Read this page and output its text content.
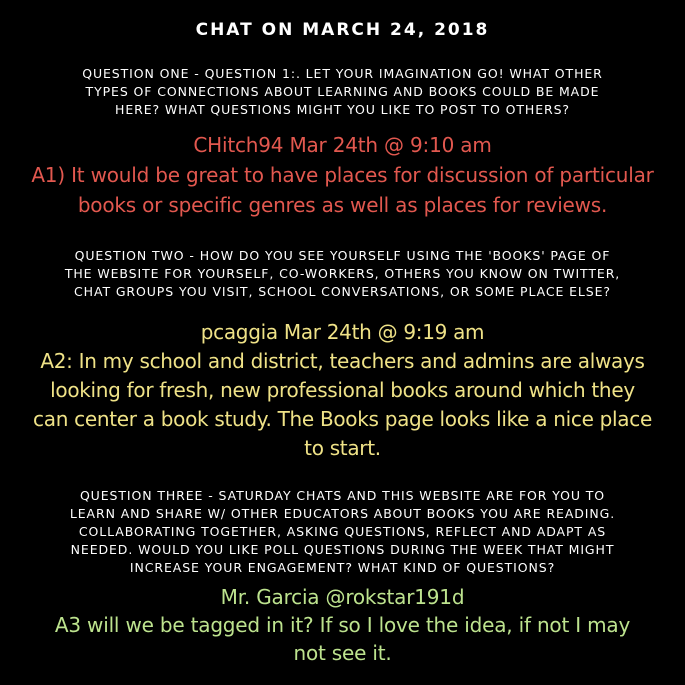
CHAT ON MARCH 24, 2018
QUESTION ONE - QUESTION 1:. LET YOUR IMAGINATION GO! WHAT OTHER
TYPES OF CONNECTIONS ABOUT LEARNING AND BOOKS COULD BE MADE
HERE? WHAT QUESTIONS MIGHT YOU LIKE TO POST TO OTHERS?
CHitch94 Mar 24th @ 9:10 am
A1) It would be great to have places for discussion of particular
books or specific genres as well as places for reviews.
QUESTION TWO - HOW DO YOU SEE YOURSELF USING THE 'BOOKS' PAGE OF
THE WEBSITE FOR YOURSELF, CO-WORKERS, OTHERS YOU KNOW ON TWITTER,
CHAT GROUPS YOU VISIT, SCHOOL CONVERSATIONS, OR SOME PLACE ELSE?
pcaggia Mar 24th @ 9:19 am
A2: In my school and district, teachers and admins are always
looking for fresh, new professional books around which they
can center a book study. The Books page looks like a nice place
to start.
QUESTION THREE - SATURDAY CHATS AND THIS WEBSITE ARE FOR YOU TO
LEARN AND SHARE W/ OTHER EDUCATORS ABOUT BOOKS YOU ARE READING.
COLLABORATING TOGETHER, ASKING QUESTIONS, REFLECT AND ADAPT AS
NEEDED. WOULD YOU LIKE POLL QUESTIONS DURING THE WEEK THAT MIGHT
INCREASE YOUR ENGAGEMENT? WHAT KIND OF QUESTIONS?
Mr. Garcia @rokstar191d
A3 will we be tagged in it? If so I love the idea, if not I may
not see it.
